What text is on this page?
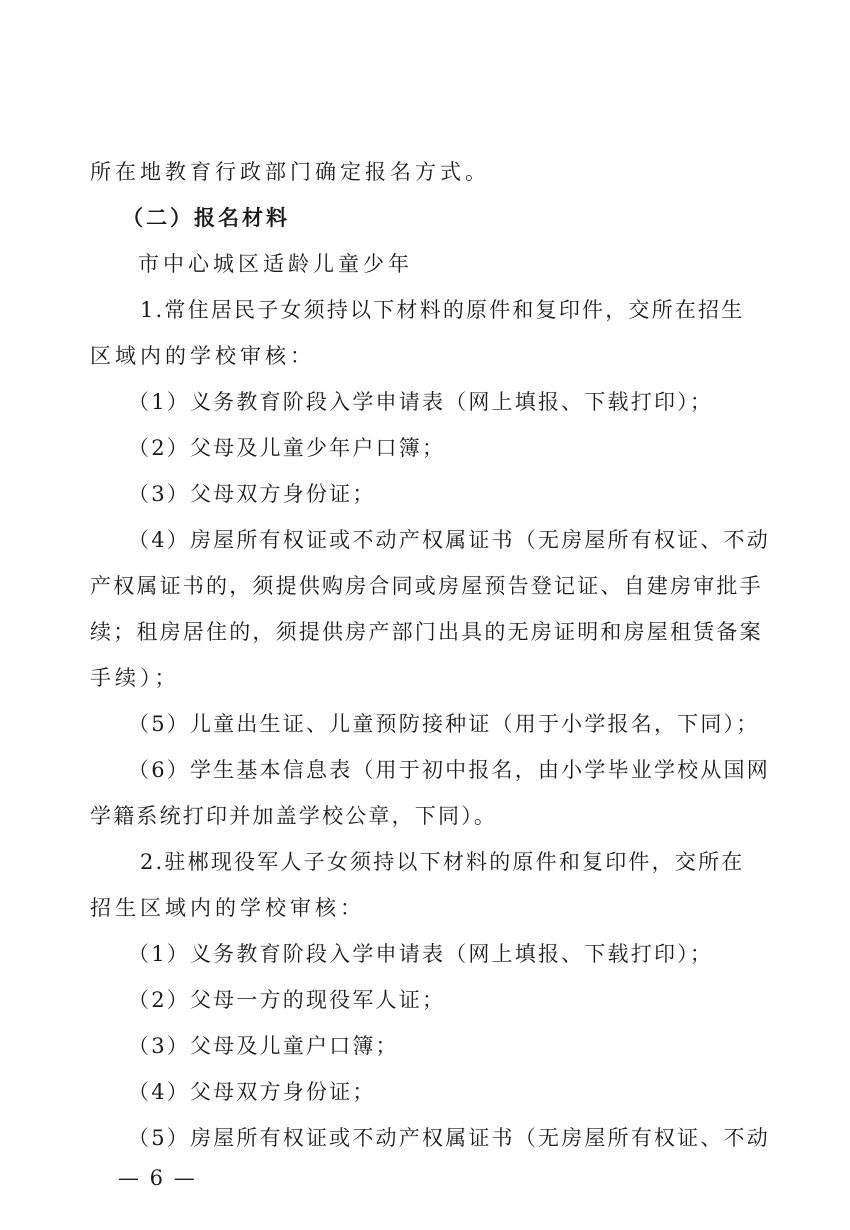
所在地教育行政部门确定报名方式。
（二）报名材料
市中心城区适龄儿童少年
1.常住居民子女须持以下材料的原件和复印件，交所在招生
区域内的学校审核：
（1）义务教育阶段入学申请表（网上填报、下载打印）；
（2）父母及儿童少年户口簿；
（3）父母双方身份证；
（4）房屋所有权证或不动产权属证书（无房屋所有权证、不动
产权属证书的，须提供购房合同或房屋预告登记证、自建房审批手
续；租房居住的，须提供房产部门出具的无房证明和房屋租赁备案
手续）；
（5）儿童出生证、儿童预防接种证（用于小学报名，下同）；
（6）学生基本信息表（用于初中报名，由小学毕业学校从国网
学籍系统打印并加盖学校公章，下同）。
2.驻郴现役军人子女须持以下材料的原件和复印件，交所在
招生区域内的学校审核：
（1）义务教育阶段入学申请表（网上填报、下载打印）；
（2）父母一方的现役军人证；
（3）父母及儿童户口簿；
（4）父母双方身份证；
（5）房屋所有权证或不动产权属证书（无房屋所有权证、不动
— 6 —
